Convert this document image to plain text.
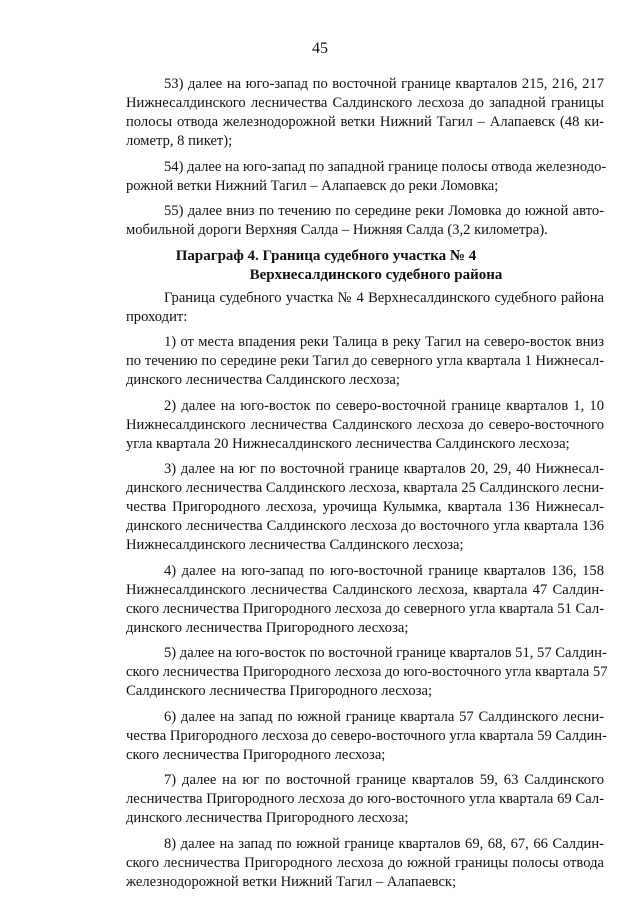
45
53) далее на юго-запад по восточной границе кварталов 215, 216, 217
Нижнесалдинского лесничества Салдинского лесхоза до западной границы
полосы отвода железнодорожной ветки Нижний Тагил – Алапаевск (48 ки-
лометр, 8 пикет);
54) далее на юго-запад по западной границе полосы отвода железнодо-
рожной ветки Нижний Тагил – Алапаевск до реки Ломовка;
55) далее вниз по течению по середине реки Ломовка до южной авто-
мобильной дороги Верхняя Салда – Нижняя Салда (3,2 километра).
Параграф 4. Граница судебного участка № 4
Верхнесалдинского судебного района
Граница судебного участка № 4 Верхнесалдинского судебного района
проходит:
1) от места впадения реки Талица в реку Тагил на северо-восток вниз
по течению по середине реки Тагил до северного угла квартала 1 Нижнесал-
динского лесничества Салдинского лесхоза;
2) далее на юго-восток по северо-восточной границе кварталов 1, 10
Нижнесалдинского лесничества Салдинского лесхоза до северо-восточного
угла квартала 20 Нижнесалдинского лесничества Салдинского лесхоза;
3) далее на юг по восточной границе кварталов 20, 29, 40 Нижнесал-
динского лесничества Салдинского лесхоза, квартала 25 Салдинского лесни-
чества Пригородного лесхоза, урочища Кулымка, квартала 136 Нижнесал-
динского лесничества Салдинского лесхоза до восточного угла квартала 136
Нижнесалдинского лесничества Салдинского лесхоза;
4) далее на юго-запад по юго-восточной границе кварталов 136, 158
Нижнесалдинского лесничества Салдинского лесхоза, квартала 47 Салдин-
ского лесничества Пригородного лесхоза до северного угла квартала 51 Сал-
динского лесничества Пригородного лесхоза;
5) далее на юго-восток по восточной границе кварталов 51, 57 Салдин-
ского лесничества Пригородного лесхоза до юго-восточного угла квартала 57
Салдинского лесничества Пригородного лесхоза;
6) далее на запад по южной границе квартала 57 Салдинского лесни-
чества Пригородного лесхоза до северо-восточного угла квартала 59 Салдин-
ского лесничества Пригородного лесхоза;
7) далее на юг по восточной границе кварталов 59, 63 Салдинского
лесничества Пригородного лесхоза до юго-восточного угла квартала 69 Сал-
динского лесничества Пригородного лесхоза;
8) далее на запад по южной границе кварталов 69, 68, 67, 66 Салдин-
ского лесничества Пригородного лесхоза до южной границы полосы отвода
железнодорожной ветки Нижний Тагил – Алапаевск;
